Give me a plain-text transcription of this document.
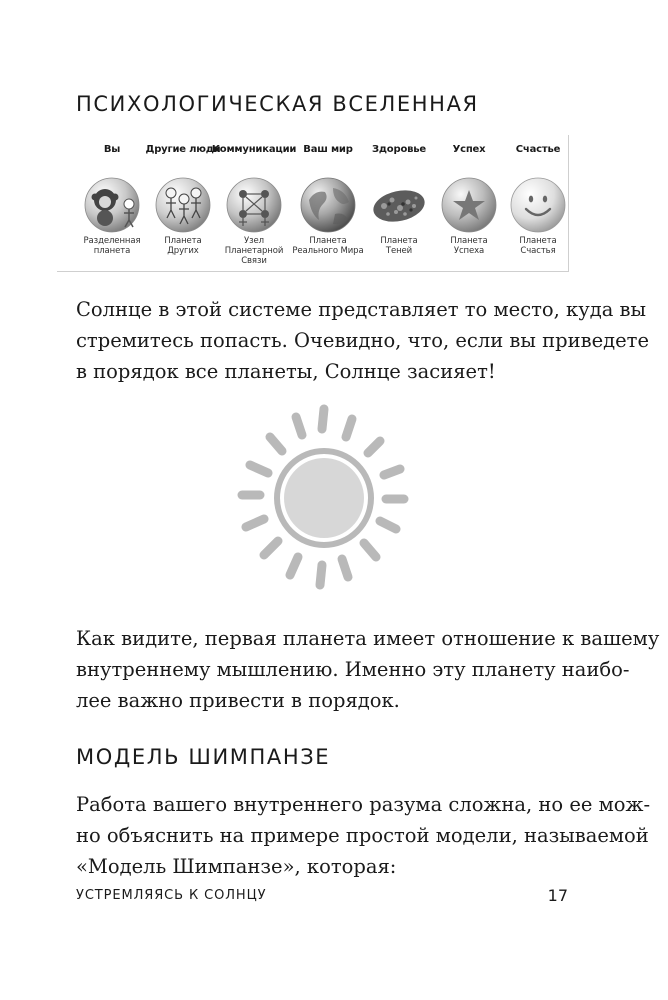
ПСИХОЛОГИЧЕСКАЯ ВСЕЛЕННАЯ
Вы
Разделенная
планета
Другие люди
Планета
Других
Коммуникации
Узел
Планетарной
Связи
Ваш мир
Планета
Реального Мира
Здоровье
Планета
Теней
Успех
Планета
Успеха
Счастье
Планета
Счастья

Солнце в этой системе представляет то место, куда вы
стремитесь попасть. Очевидно, что, если вы приведете
в порядок все планеты, Солнце засияет!

Как видите, первая планета имеет отношение к вашему
внутреннему мышлению. Именно эту планету наибо-
лее важно привести в порядок.

МОДЕЛЬ ШИМПАНЗЕ

Работа вашего внутреннего разума сложна, но ее мож-
но объяснить на примере простой модели, называемой
«Модель Шимпанзе», которая:

УСТРЕМЛЯЯСЬ К СОЛНЦУ	17
